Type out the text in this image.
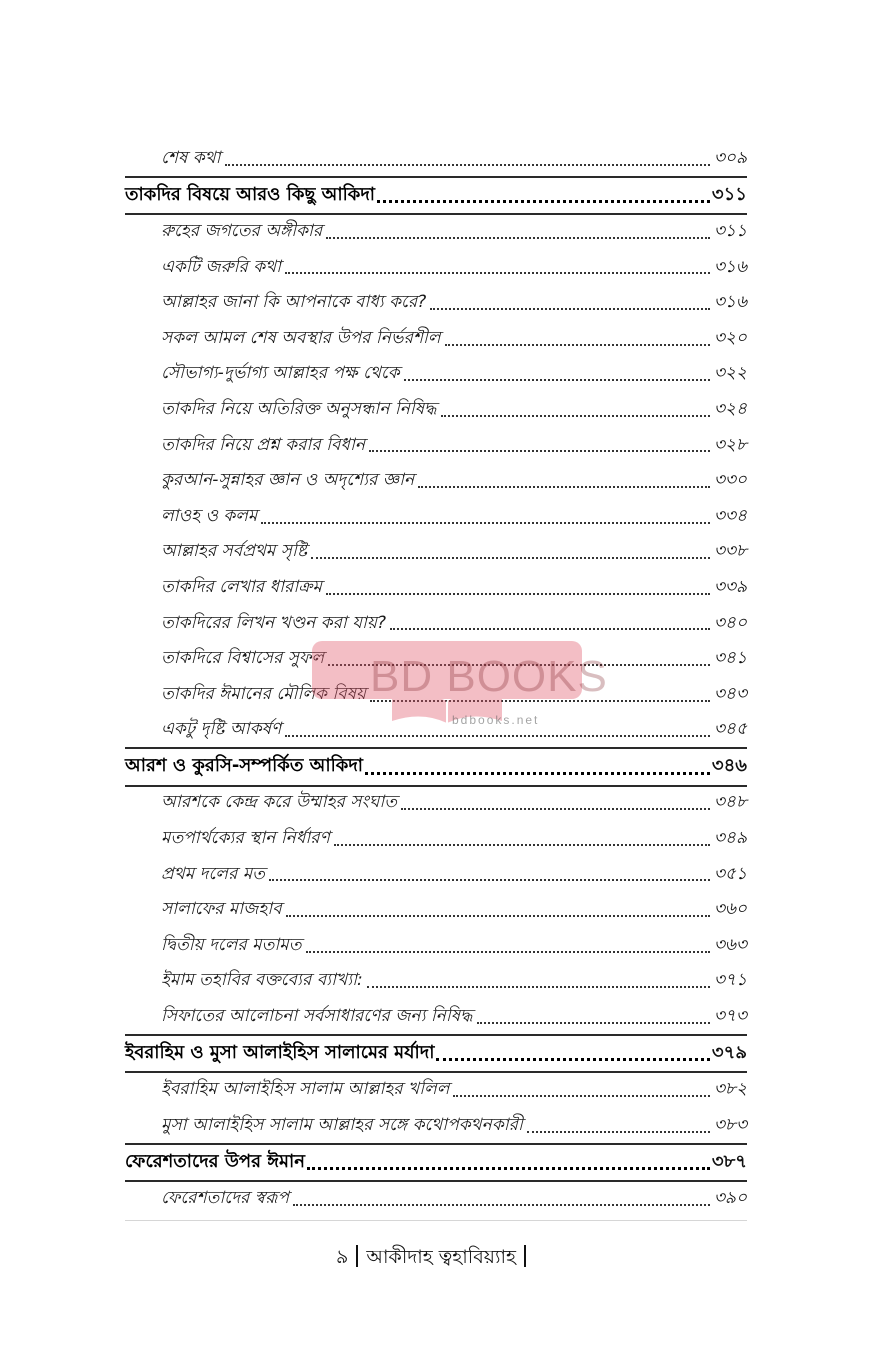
শেষ কথা	৩০৯
তাকদির বিষয়ে আরও কিছু আকিদা	৩১১
রুহের জগতের অঙ্গীকার	৩১১
একটি জরুরি কথা	৩১৬
আল্লাহর জানা কি আপনাকে বাধ্য করে?	৩১৬
সকল আমল শেষ অবস্থার উপর নির্ভরশীল	৩২০
সৌভাগ্য-দুর্ভাগ্য আল্লাহর পক্ষ থেকে	৩২২
তাকদির নিয়ে অতিরিক্ত অনুসন্ধান নিষিদ্ধ	৩২৪
তাকদির নিয়ে প্রশ্ন করার বিধান	৩২৮
কুরআন-সুন্নাহর জ্ঞান ও অদৃশ্যের জ্ঞান	৩৩০
লাওহ ও কলম	৩৩৪
আল্লাহর সর্বপ্রথম সৃষ্টি	৩৩৮
তাকদির লেখার ধারাক্রম	৩৩৯
তাকদিরের লিখন খণ্ডন করা যায়?	৩৪০
তাকদিরে বিশ্বাসের সুফল	৩৪১
তাকদির ঈমানের মৌলিক বিষয়	৩৪৩
একটু দৃষ্টি আকর্ষণ	৩৪৫
আরশ ও কুরসি-সম্পর্কিত আকিদা	৩৪৬
আরশকে কেন্দ্র করে উম্মাহর সংঘাত	৩৪৮
মতপার্থক্যের স্থান নির্ধারণ	৩৪৯
প্রথম দলের মত	৩৫১
সালাফের মাজহাব	৩৬০
দ্বিতীয় দলের মতামত	৩৬৩
ইমাম তহাবির বক্তব্যের ব্যাখ্যা:	৩৭১
সিফাতের আলোচনা সর্বসাধারণের জন্য নিষিদ্ধ	৩৭৩
ইবরাহিম ও মুসা আলাইহিস সালামের মর্যাদা	৩৭৯
ইবরাহিম আলাইহিস সালাম আল্লাহর খলিল	৩৮২
মুসা আলাইহিস সালাম আল্লাহর সঙ্গে কথোপকথনকারী	৩৮৩
ফেরেশতাদের উপর ঈমান	৩৮৭
ফেরেশতাদের স্বরূপ	৩৯০
BD BOOKS
bdbooks.net
৯ আকীদাহ ত্বহাবিয়্যাহ
